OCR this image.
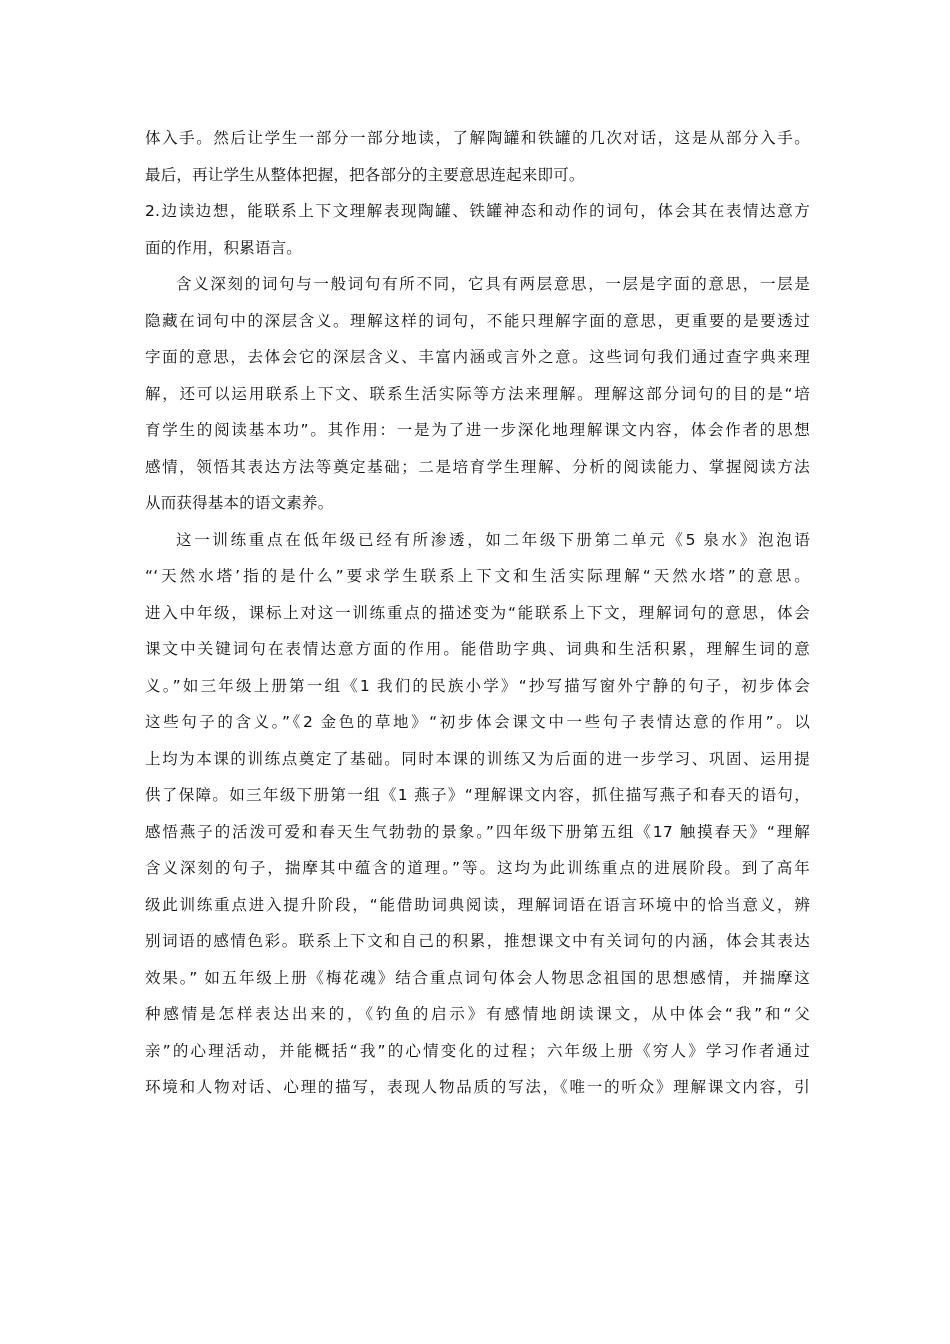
体入手。然后让学生一部分一部分地读，了解陶罐和铁罐的几次对话，这是从部分入手。
最后，再让学生从整体把握，把各部分的主要意思连起来即可。
2.边读边想，能联系上下文理解表现陶罐、铁罐神态和动作的词句，体会其在表情达意方
面的作用，积累语言。
含义深刻的词句与一般词句有所不同，它具有两层意思，一层是字面的意思，一层是
隐藏在词句中的深层含义。理解这样的词句，不能只理解字面的意思，更重要的是要透过
字面的意思，去体会它的深层含义、丰富内涵或言外之意。这些词句我们通过查字典来理
解，还可以运用联系上下文、联系生活实际等方法来理解。理解这部分词句的目的是“培
育学生的阅读基本功”。其作用：一是为了进一步深化地理解课文内容，体会作者的思想
感情，领悟其表达方法等奠定基础；二是培育学生理解、分析的阅读能力、掌握阅读方法
从而获得基本的语文素养。
这一训练重点在低年级已经有所渗透，如二年级下册第二单元《5 泉水》泡泡语
“‘天然水塔’指的是什么”要求学生联系上下文和生活实际理解“天然水塔”的意思。
进入中年级，课标上对这一训练重点的描述变为“能联系上下文，理解词句的意思，体会
课文中关键词句在表情达意方面的作用。能借助字典、词典和生活积累，理解生词的意
义。”如三年级上册第一组《1 我们的民族小学》“抄写描写窗外宁静的句子，初步体会
这些句子的含义。”《2 金色的草地》“初步体会课文中一些句子表情达意的作用”。以
上均为本课的训练点奠定了基础。同时本课的训练又为后面的进一步学习、巩固、运用提
供了保障。如三年级下册第一组《1 燕子》“理解课文内容，抓住描写燕子和春天的语句，
感悟燕子的活泼可爱和春天生气勃勃的景象。”四年级下册第五组《17 触摸春天》“理解
含义深刻的句子，揣摩其中蕴含的道理。”等。这均为此训练重点的进展阶段。到了高年
级此训练重点进入提升阶段，“能借助词典阅读，理解词语在语言环境中的恰当意义，辨
别词语的感情色彩。联系上下文和自己的积累，推想课文中有关词句的内涵，体会其表达
效果。” 如五年级上册《梅花魂》结合重点词句体会人物思念祖国的思想感情，并揣摩这
种感情是怎样表达出来的，《钓鱼的启示》有感情地朗读课文，从中体会“我”和“父
亲”的心理活动，并能概括“我”的心情变化的过程；六年级上册《穷人》学习作者通过
环境和人物对话、心理的描写，表现人物品质的写法，《唯一的听众》理解课文内容，引
